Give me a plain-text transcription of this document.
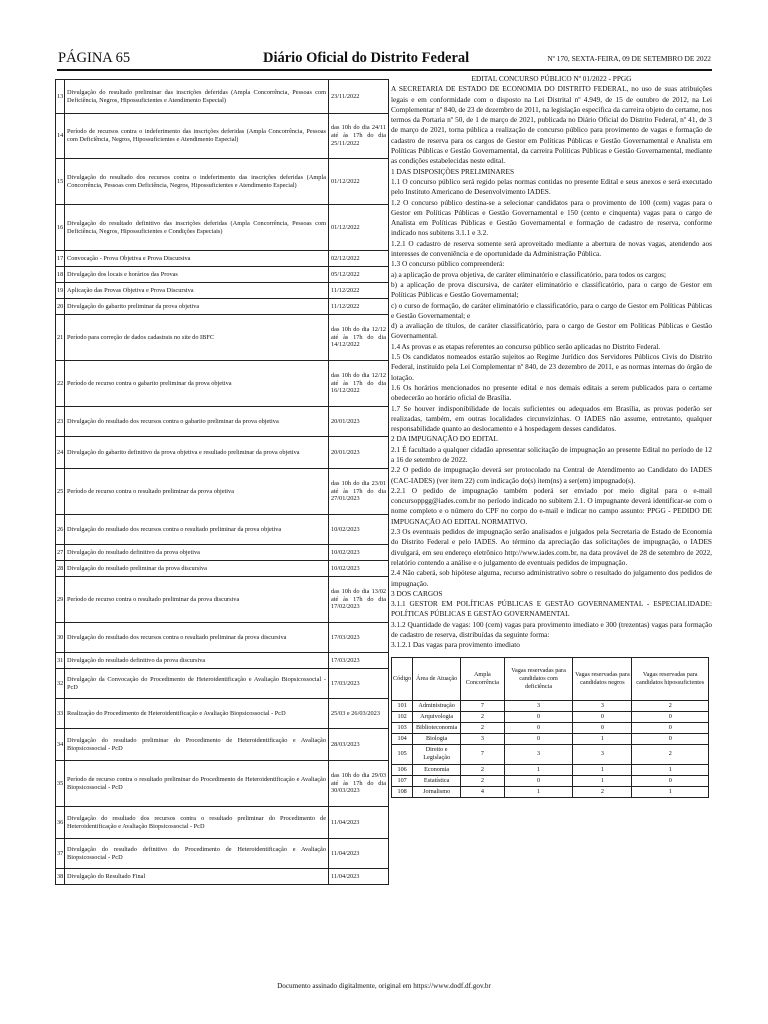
PÁGINA 65	Diário Oficial do Distrito Federal	Nº 170, SEXTA-FEIRA, 09 DE SETEMBRO DE 2022
13	Divulgação do resultado preliminar das inscrições deferidas (Ampla Concorrência, Pessoas com Deficiência, Negros, Hipossuficientes e Atendimento Especial)	23/11/2022
14	Período de recursos contra o indeferimento das inscrições deferidas (Ampla Concorrência, Pessoas com Deficiência, Negros, Hipossuficientes e Atendimento Especial)	das 10h do dia 24/11 até às 17h do dia 25/11/2022
15	Divulgação do resultado dos recursos contra o indeferimento das inscrições deferidas (Ampla Concorrência, Pessoas com Deficiência, Negros, Hipossuficientes e Atendimento Especial)	01/12/2022
16	Divulgação do resultado definitivo das inscrições deferidas (Ampla Concorrência, Pessoas com Deficiência, Negros, Hipossuficientes e Condições Especiais)	01/12/2022
17	Convocação - Prova Objetiva e Prova Discursiva	02/12/2022
18	Divulgação dos locais e horários das Provas	05/12/2022
19	Aplicação das Provas Objetiva e Prova Discursiva	11/12/2022
20	Divulgação do gabarito preliminar da prova objetiva	11/12/2022
21	Período para correção de dados cadastrais no site do IBFC	das 10h do dia 12/12 até às 17h do dia 14/12/2022
22	Período de recurso contra o gabarito preliminar da prova objetiva	das 10h do dia 12/12 até às 17h do dia 16/12/2022
23	Divulgação do resultado dos recursos contra o gabarito preliminar da prova objetiva	20/01/2023
24	Divulgação do gabarito definitivo da prova objetiva e resultado preliminar da prova objetiva	20/01/2023
25	Período de recurso contra o resultado preliminar da prova objetiva	das 10h do dia 23/01 até às 17h do dia 27/01/2023
26	Divulgação do resultado dos recursos contra o resultado preliminar da prova objetiva	10/02/2023
27	Divulgação do resultado definitivo da prova objetiva	10/02/2023
28	Divulgação do resultado preliminar da prova discursiva	10/02/2023
29	Período de recurso contra o resultado preliminar da prova discursiva	das 10h do dia 13/02 até às 17h do dia 17/02/2023
30	Divulgação do resultado dos recursos contra o resultado preliminar da prova discursiva	17/03/2023
31	Divulgação do resultado definitivo da prova discursiva	17/03/2023
32	Divulgação da Convocação do Procedimento de Heteroidentificação e Avaliação Biopsicossocial - PcD	17/03/2023
33	Realização do Procedimento de Heteroidentificação e Avaliação Biopsicossocial - PcD	25/03 e 26/03/2023
34	Divulgação do resultado preliminar do Procedimento de Heteroidentificação e Avaliação Biopsicossocial - PcD	28/03/2023
35	Período de recurso contra o resultado preliminar do Procedimento de Heteroidentificação e Avaliação Biopsicossocial - PcD	das 10h do dia 29/03 até às 17h do dia 30/03/2023
36	Divulgação do resultado dos recursos contra o resultado preliminar do Procedimento de Heteroidentificação e Avaliação Biopsicossocial - PcD	11/04/2023
37	Divulgação do resultado definitivo do Procedimento de Heteroidentificação e Avaliação Biopsicossocial - PcD	11/04/2023
38	Divulgação do Resultado Final	11/04/2023

EDITAL CONCURSO PÚBLICO Nº 01/2022 - PPGG

A SECRETARIA DE ESTADO DE ECONOMIA DO DISTRITO FEDERAL, no uso de suas atribuições legais e em conformidade com o disposto na Lei Distrital nº 4.949, de 15 de outubro de 2012, na Lei Complementar nº 840, de 23 de dezembro de 2011, na legislação específica da carreira objeto do certame, nos termos da Portaria nº 50, de 1 de março de 2021, publicada no Diário Oficial do Distrito Federal, nº 41, de 3 de março de 2021, torna pública a realização de concurso público para provimento de vagas e formação de cadastro de reserva para os cargos de Gestor em Políticas Públicas e Gestão Governamental e Analista em Políticas Públicas e Gestão Governamental, da carreira Políticas Públicas e Gestão Governamental, mediante as condições estabelecidas neste edital.

1 DAS DISPOSIÇÕES PRELIMINARES

1.1 O concurso público será regido pelas normas contidas no presente Edital e seus anexos e será executado pelo Instituto Americano de Desenvolvimento IADES.

1.2 O concurso público destina-se a selecionar candidatos para o provimento de 100 (cem) vagas para o Gestor em Políticas Públicas e Gestão Governamental e 150 (cento e cinquenta) vagas para o cargo de Analista em Políticas Públicas e Gestão Governamental e formação de cadastro de reserva, conforme indicado nos subitens 3.1.1 e 3.2.

1.2.1 O cadastro de reserva somente será aproveitado mediante a abertura de novas vagas, atendendo aos interesses de conveniência e de oportunidade da Administração Pública.

1.3 O concurso público compreenderá:

a) a aplicação de prova objetiva, de caráter eliminatório e classificatório, para todos os cargos;

b) a aplicação de prova discursiva, de caráter eliminatório e classificatório, para o cargo de Gestor em Políticas Públicas e Gestão Governamental;

c) o curso de formação, de caráter eliminatório e classificatório, para o cargo de Gestor em Políticas Públicas e Gestão Governamental; e

d) a avaliação de títulos, de caráter classificatório, para o cargo de Gestor em Políticas Públicas e Gestão Governamental.

1.4 As provas e as etapas referentes ao concurso público serão aplicadas no Distrito Federal.

1.5 Os candidatos nomeados estarão sujeitos ao Regime Jurídico dos Servidores Públicos Civis do Distrito Federal, instituído pela Lei Complementar nº 840, de 23 dezembro de 2011, e as normas internas do órgão de lotação.

1.6 Os horários mencionados no presente edital e nos demais editais a serem publicados para o certame obedecerão ao horário oficial de Brasília.

1.7 Se houver indisponibilidade de locais suficientes ou adequados em Brasília, as provas poderão ser realizadas, também, em outras localidades circunvizinhas. O IADES não assume, entretanto, qualquer responsabilidade quanto ao deslocamento e à hospedagem desses candidatos.

2 DA IMPUGNAÇÃO DO EDITAL

2.1 É facultado a qualquer cidadão apresentar solicitação de impugnação ao presente Edital no período de 12 a 16 de setembro de 2022.

2.2 O pedido de impugnação deverá ser protocolado na Central de Atendimento ao Candidato do IADES (CAC-IADES) (ver item 22) com indicação do(s) item(ns) a ser(em) impugnado(s).

2.2.1 O pedido de impugnação também poderá ser enviado por meio digital para o e-mail concursoppgg@iades.com.br no período indicado no subitem 2.1. O impugnante deverá identificar-se com o nome completo e o número do CPF no corpo do e-mail e indicar no campo assunto: PPGG - PEDIDO DE IMPUGNAÇÃO AO EDITAL NORMATIVO.

2.3 Os eventuais pedidos de impugnação serão analisados e julgados pela Secretaria de Estado de Economia do Distrito Federal e pelo IADES. Ao término da apreciação das solicitações de impugnação, o IADES divulgará, em seu endereço eletrônico http://www.iades.com.br, na data provável de 28 de setembro de 2022, relatório contendo a análise e o julgamento de eventuais pedidos de impugnação.

2.4 Não caberá, sob hipótese alguma, recurso administrativo sobre o resultado do julgamento dos pedidos de impugnação.

3 DOS CARGOS

3.1.1 GESTOR EM POLÍTICAS PÚBLICAS E GESTÃO GOVERNAMENTAL - ESPECIALIDADE: POLÍTICAS PÚBLICAS E GESTÃO GOVERNAMENTAL

3.1.2 Quantidade de vagas: 100 (cem) vagas para provimento imediato e 300 (trezentas) vagas para formação de cadastro de reserva, distribuídas da seguinte forma:

3.1.2.1 Das vagas para provimento imediato

Código	Área de Atuação	Ampla Concorrência	Vagas reservadas para candidatos com deficiência	Vagas reservadas para candidatos negros	Vagas reservadas para candidatos hipossuficientes
101	Administração	7	3	3	2
102	Arquivologia	2	0	0	0
103	Biblioteconomia	2	0	0	0
104	Biologia	3	0	1	0
105	Direito e Legislação	7	3	3	2
106	Economia	2	1	1	1
107	Estatística	2	0	1	0
108	Jornalismo	4	1	2	1
Documento assinado digitalmente, original em https://www.dodf.df.gov.br
